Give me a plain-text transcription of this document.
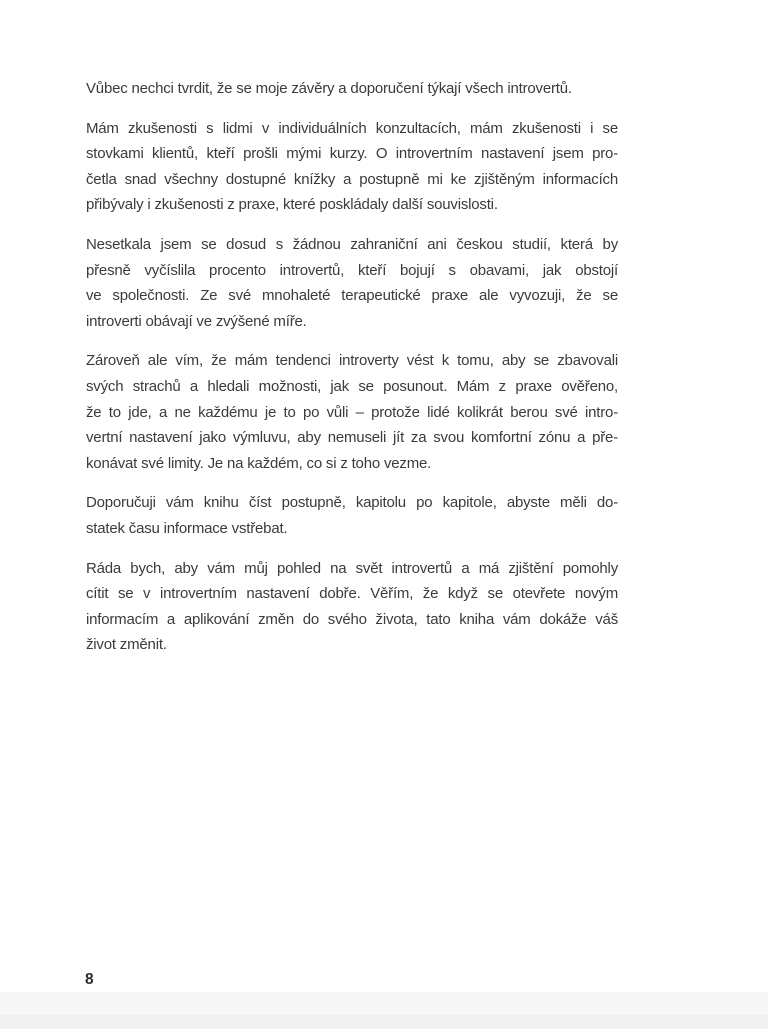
Vůbec nechci tvrdit, že se moje závěry a doporučení týkají všech introvertů.

Mám zkušenosti s lidmi v individuálních konzultacích, mám zkušenosti i se
stovkami klientů, kteří prošli mými kurzy. O introvertním nastavení jsem pro-
četla snad všechny dostupné knížky a postupně mi ke zjištěným informacích
přibývaly i zkušenosti z praxe, které poskládaly další souvislosti.

Nesetkala jsem se dosud s žádnou zahraniční ani českou studií, která by
přesně vyčíslila procento introvertů, kteří bojují s obavami, jak obstojí
ve společnosti. Ze své mnohaleté terapeutické praxe ale vyvozuji, že se
introverti obávají ve zvýšené míře.

Zároveň ale vím, že mám tendenci introverty vést k tomu, aby se zbavovali
svých strachů a hledali možnosti, jak se posunout. Mám z praxe ověřeno,
že to jde, a ne každému je to po vůli – protože lidé kolikrát berou své intro-
vertní nastavení jako výmluvu, aby nemuseli jít za svou komfortní zónu a pře-
konávat své limity. Je na každém, co si z toho vezme.

Doporučuji vám knihu číst postupně, kapitolu po kapitole, abyste měli do-
statek času informace vstřebat.

Ráda bych, aby vám můj pohled na svět introvertů a má zjištění pomohly
cítit se v introvertním nastavení dobře. Věřím, že když se otevřete novým
informacím a aplikování změn do svého života, tato kniha vám dokáže váš
život změnit.

8
